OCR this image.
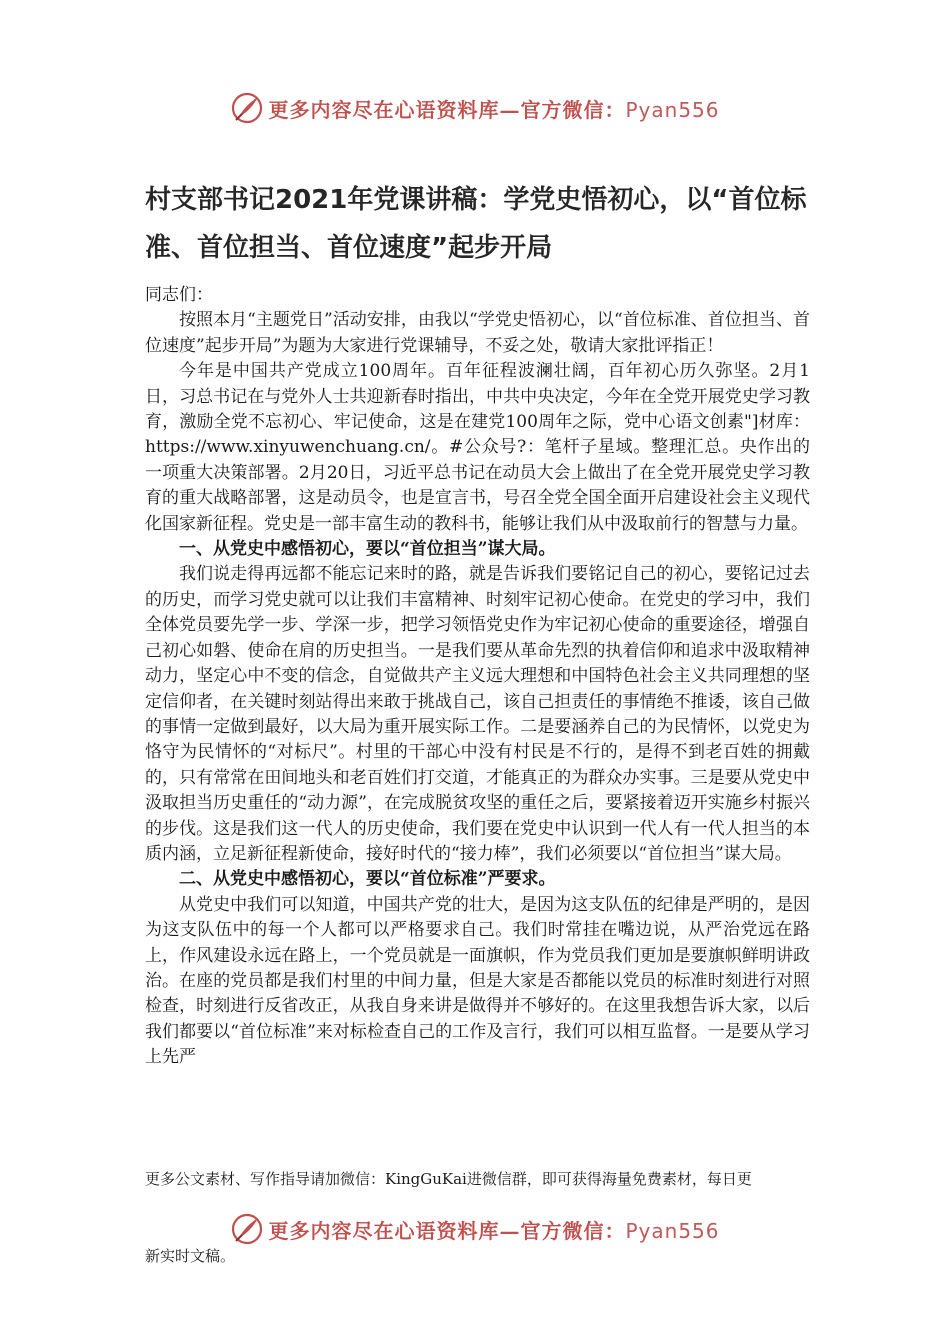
更多内容尽在心语资料库—官方微信：Pyan556
村支部书记2021年党课讲稿：学党史悟初心，以“首位标准、首位担当、首位速度”起步开局

同志们：

按照本月“主题党日”活动安排，由我以“学党史悟初心，以“首位标准、首位担当、首位速度”起步开局”为题为大家进行党课辅导，不妥之处，敬请大家批评指正！

今年是中国共产党成立100周年。百年征程波澜壮阔，百年初心历久弥坚。2月1日，习总书记在与党外人士共迎新春时指出，中共中央决定，今年在全党开展党史学习教育，激励全党不忘初心、牢记使命，这是在建党100周年之际，党中心语文创素"]材库：https://www.xinyuwenchuang.cn/。#公众号?：笔杆子星域。整理汇总。央作出的一项重大决策部署。2月20日，习近平总书记在动员大会上做出了在全党开展党史学习教育的重大战略部署，这是动员令，也是宣言书，号召全党全国全面开启建设社会主义现代化国家新征程。党史是一部丰富生动的教科书，能够让我们从中汲取前行的智慧与力量。

一、从党史中感悟初心，要以“首位担当”谋大局。

我们说走得再远都不能忘记来时的路，就是告诉我们要铭记自己的初心，要铭记过去的历史，而学习党史就可以让我们丰富精神、时刻牢记初心使命。在党史的学习中，我们全体党员要先学一步、学深一步，把学习领悟党史作为牢记初心使命的重要途径，增强自己初心如磐、使命在肩的历史担当。一是我们要从革命先烈的执着信仰和追求中汲取精神动力，坚定心中不变的信念，自觉做共产主义远大理想和中国特色社会主义共同理想的坚定信仰者，在关键时刻站得出来敢于挑战自己，该自己担责任的事情绝不推诿，该自己做的事情一定做到最好，以大局为重开展实际工作。二是要涵养自己的为民情怀，以党史为恪守为民情怀的“对标尺”。村里的干部心中没有村民是不行的，是得不到老百姓的拥戴的，只有常常在田间地头和老百姓们打交道，才能真正的为群众办实事。三是要从党史中汲取担当历史重任的“动力源”，在完成脱贫攻坚的重任之后，要紧接着迈开实施乡村振兴的步伐。这是我们这一代人的历史使命，我们要在党史中认识到一代人有一代人担当的本质内涵，立足新征程新使命，接好时代的“接力棒”，我们必须要以“首位担当”谋大局。

二、从党史中感悟初心，要以“首位标准”严要求。

从党史中我们可以知道，中国共产党的壮大，是因为这支队伍的纪律是严明的，是因为这支队伍中的每一个人都可以严格要求自己。我们时常挂在嘴边说，从严治党远在路上，作风建设永远在路上，一个党员就是一面旗帜，作为党员我们更加是要旗帜鲜明讲政治。在座的党员都是我们村里的中间力量，但是大家是否都能以党员的标准时刻进行对照检查，时刻进行反省改正，从我自身来讲是做得并不够好的。在这里我想告诉大家，以后我们都要以“首位标准”来对标检查自己的工作及言行，我们可以相互监督。一是要从学习上先严

更多公文素材、写作指导请加微信：KingGuKai进微信群，即可获得海量免费素材，每日更
更多内容尽在心语资料库—官方微信：Pyan556
新实时文稿。
